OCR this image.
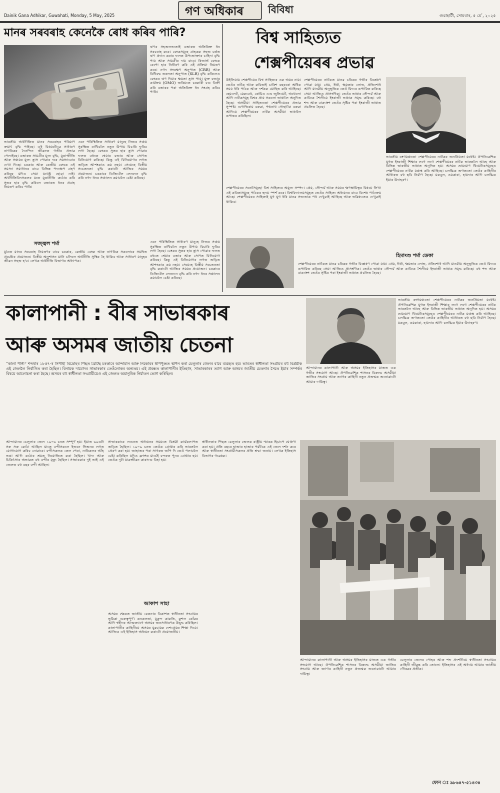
Dainik Gana Adhikar, Guwahati, Monday, 5 May, 2025	গণ অধিকাৰ বিবিধা	গুৱাহাটী, সোমবাৰ, ৫ মে’, ২০২৫
মানৰ সৰবৰাহ কেনেকৈ ৰোধ কৰিব পাৰি?
ভাৰতীয় অৰ্থনীতিত মানৰ সৰবৰাহৰ পৰিমাণ ক্ৰমাৎ বৃদ্ধি পাইছে। এই বিষয়টোৱে সাধাৰণ নাগৰিকৰ দৈনন্দিন জীৱনত গভীৰ প্ৰভাৱ পেলাইছে। বজাৰত সামগ্ৰীৰ মূল্য বৃদ্ধি, মুদ্ৰাস্ফীতি আৰু সঞ্চয়ৰ মূল্য হ্ৰাস পোৱাৰ দৰে সমস্যাবোৰ দেখা দিছে। চৰকাৰ আৰু কেন্দ্ৰীয় বেংকে এই সমস্যা সমাধানৰ বাবে বিভিন্ন পদক্ষেপ গ্ৰহণ কৰিছে যদিও সেয়া যথেষ্ট হোৱা নাই। অৰ্থনীতিবিদসকলৰ মতে মুদ্ৰানীতি কঠোৰ কৰি সুতৰ হাৰ বৃদ্ধি কৰিলে বজাৰত ধনৰ প্ৰবাহ নিয়ন্ত্ৰণ কৰিব পাৰি।
এনে পৰিস্থিতিত সাধাৰণ মানুহে নিজৰ সঞ্চয় সুৰক্ষিত ৰাখিবলৈ নতুন উপায় বিচাৰি ফুৰিব লগা হৈছে। বেংকৰ সুতৰ হাৰ হ্ৰাস পোৱাৰ ফলত বহুতে শ্বেয়াৰ বজাৰ আৰু সোণত বিনিয়োগ কৰিছে। কিন্তু এই বিনিয়োগৰ লগত জড়িত আশংকাও কম নহয়। সেয়েহে বিত্তীয় সচেতনতা বৃদ্ধি কৰাটো আজিৰ সময়ৰ প্ৰয়োজন। চৰকাৰে ডিজিটেল লেনদেন বৃদ্ধি কৰি নগদ ধনৰ সঞ্চালন কমাবলৈ চেষ্টা কৰিছে।
সজ্জ্বল শৰ্মা
ঋণৰ সহজলভ্যতাই বজাৰত অতিৰিক্ত ধন সৰবৰাহ কৰে। বেংকসমূহে গ্ৰাহকক সহজ চৰ্তত ঋণ প্ৰদান কৰাৰ ফলত উপভোক্তাৰ চাহিদা বৃদ্ধি পায় আৰু সামগ্ৰীৰ দাম বাঢ়ে। ৰিজাৰ্ভ বেংকে ৰেপো হাৰ নিৰ্ধাৰণ কৰি এই প্ৰক্ৰিয়া নিয়ন্ত্ৰণ কৰে। নগদ সংৰক্ষণ অনুপাত (CRR) আৰু বিধিবদ্ধ তৰলতা অনুপাত (SLR) বৃদ্ধি কৰিলেও বেংকৰ ঋণ দিয়াৰ ক্ষমতা হ্ৰাস পায়। মুক্ত বজাৰ কাৰ্যক্ৰম (OMO) জৰিয়তে চৰকাৰী বণ্ড বিক্ৰী কৰি বজাৰৰ পৰা অতিৰিক্ত ধন সংগ্ৰহ কৰিব পাৰি।
মুঠতে মানৰ সৰবৰাহ নিয়ন্ত্ৰণৰ বাবে চৰকাৰ, কেন্দ্ৰীয় বেংক আৰু নাগৰিক সকলোৰে সমন্বিত প্ৰচেষ্টাৰ প্ৰয়োজন। বিত্তীয় অনুশাসন মানি চলিলে অৰ্থনীতি সুস্থিৰ হৈ থাকিব আৰু সাধাৰণ মানুহৰ জীৱন সহজ হ'ব। লেখক অৰ্থনীতি বিভাগৰ অধ্যাপক।
এনে পৰিস্থিতিত সাধাৰণ মানুহে নিজৰ সঞ্চয় সুৰক্ষিত ৰাখিবলৈ নতুন উপায় বিচাৰি ফুৰিব লগা হৈছে। বেংকৰ সুতৰ হাৰ হ্ৰাস পোৱাৰ ফলত বহুতে শ্বেয়াৰ বজাৰ আৰু সোণত বিনিয়োগ কৰিছে। কিন্তু এই বিনিয়োগৰ লগত জড়িত আশংকাও কম নহয়। সেয়েহে বিত্তীয় সচেতনতা বৃদ্ধি কৰাটো আজিৰ সময়ৰ প্ৰয়োজন। চৰকাৰে ডিজিটেল লেনদেন বৃদ্ধি কৰি নগদ ধনৰ সঞ্চালন কমাবলৈ চেষ্টা কৰিছে।
বিশ্ব সাহিত্যত
শেক্সপীয়েৰৰ প্ৰভাৱ
উইলিয়াম শেক্সপীয়েৰ বিশ্ব সাহিত্যৰ এক অমৰ নাম। তেওঁৰ নাটক আৰু কবিতাই চাৰিশ বছৰৰো অধিক সময় ধৰি পাঠক আৰু দৰ্শকক মোহিত কৰি আহিছে। হেমলেট, মেকবেথ, ৰোমিও এণ্ড জুলিয়েট, অথেলো আদি নাটকসমূহ বিশ্বৰ প্ৰায় সকলো ভাষালৈ অনূদিত হৈছে। অসমীয়া সাহিত্যতো শেক্সপীয়েৰৰ প্ৰভাৱ সুস্পষ্ট। গুণাভিৰাম বৰুৱা, পদ্মনাথ গোহাঞি বৰুৱা আদিয়ে শেক্সপীয়েৰৰ নাটক অসমীয়া ভাষালৈ ৰূপান্তৰ কৰিছিল।
শেক্সপীয়েৰৰ নাটকত মানৱ চৰিত্ৰৰ গভীৰ বিশ্লেষণ পোৱা যায়। প্ৰেম, ঈৰ্ষা, ক্ষমতাৰ লোভ, প্ৰতিশোধ আদি মানৱীয় অনুভূতিক তেওঁ যিদৰে ৰূপায়িত কৰিছে সেয়া আজিও প্ৰাসংগিক। তেওঁৰ ভাষাৰ সৌন্দৰ্য আৰু কাব্যিক শৈলীয়ে ইংৰাজী ভাষাক সমৃদ্ধ কৰিছে। বহু শব্দ আৰু বাক্যাংশ তেওঁৰ সৃষ্টিৰ পৰা ইংৰাজী ভাষাত প্ৰচলিত হৈছে।
ভাৰতীয় ৰংগমঞ্চতো শেক্সপীয়েৰৰ নাটকৰ জনপ্ৰিয়তা যথেষ্ট। ঔপনিৱেশিক যুগত ইংৰাজী শিক্ষাৰ লগে লগে শেক্সপীয়েৰৰ নাটক ভাৰতলৈ আহে আৰু বিভিন্ন ভাৰতীয় ভাষাত অনূদিত হয়। অসমৰ ভ্ৰাম্যমাণ থিয়েটাৰসমূহেও শেক্সপীয়েৰৰ নাটক মঞ্চস্থ কৰি আহিছে। চলচ্চিত্ৰ জগততো তেওঁৰ কাহিনীৰ আধাৰত বহু ছবি নিৰ্মাণ হৈছে। মকবুল, ওমকাৰা, হায়দাৰ আদি চলচ্চিত্ৰ ইয়াৰ উদাহৰণ।
শেক্সপীয়েৰৰ সনেটসমূহো বিশ্ব সাহিত্যৰ অমূল্য সম্পদ। প্ৰেম, সৌন্দৰ্য আৰু সময়ৰ ক্ষণস্থায়িত্বৰ বিষয়ে লিখা এই কবিতাসমূহে পাঠকৰ হৃদয় স্পৰ্শ কৰে। বিশ্ববিদ্যালয়সমূহত তেওঁৰ সাহিত্য অধ্যয়নৰ বাবে বিশেষ পাঠ্যক্ৰম আছে। শেক্সপীয়েৰৰ সাহিত্যই যুগ যুগ ধৰি মানৱ সভ্যতাক পথ দেখুৱাই আহিছে আৰু ভৱিষ্যতেও দেখুৱাই থাকিব।
হিমাংশু শৰ্মা ডেকা
শেক্সপীয়েৰৰ নাটকত মানৱ চৰিত্ৰৰ গভীৰ বিশ্লেষণ পোৱা যায়। প্ৰেম, ঈৰ্ষা, ক্ষমতাৰ লোভ, প্ৰতিশোধ আদি মানৱীয় অনুভূতিক তেওঁ যিদৰে ৰূপায়িত কৰিছে সেয়া আজিও প্ৰাসংগিক। তেওঁৰ ভাষাৰ সৌন্দৰ্য আৰু কাব্যিক শৈলীয়ে ইংৰাজী ভাষাক সমৃদ্ধ কৰিছে। বহু শব্দ আৰু বাক্যাংশ তেওঁৰ সৃষ্টিৰ পৰা ইংৰাজী ভাষাত প্ৰচলিত হৈছে।
কালাপানী : বীৰ সাভাৰকাৰ
আৰু অসমৰ জাতীয় চেতনা
“কালা পানী” শব্দষাৰ ১৮৫৭-ৰ সিপাহী বিদ্ৰোহৰ পিছত ব্ৰিটিছ চৰকাৰে আন্দামান আৰু নিকোবৰ দ্বীপপুঞ্জত স্থাপন কৰা চেলুলাৰ জেলৰ বাবে ব্যৱহৃত হয়। ভাৰতৰ স্বাধীনতা সংগ্ৰামৰ বহু বিপ্লৱীক এই জেললৈ নিৰ্বাসিত কৰা হৈছিল। বিনায়ক দামোদৰ সাভাৰকাৰ তেওঁলোকৰ অন্যতম। এই প্ৰবন্ধত কালাপানীৰ ইতিহাস, সাভাৰকাৰৰ ত্যাগ আৰু অসমৰ জাতীয় চেতনাৰ সৈতে ইয়াৰ সম্পৰ্কৰ বিষয়ে আলোচনা কৰা হৈছে। অসমৰ বহু স্বাধীনতা সংগ্ৰামীয়েও এই জেলত অমানুষিক নিৰ্যাতন ভোগ কৰিছিল।
ভাৰতীয় ৰংগমঞ্চতো শেক্সপীয়েৰৰ নাটকৰ জনপ্ৰিয়তা যথেষ্ট। ঔপনিৱেশিক যুগত ইংৰাজী শিক্ষাৰ লগে লগে শেক্সপীয়েৰৰ নাটক ভাৰতলৈ আহে আৰু বিভিন্ন ভাৰতীয় ভাষাত অনূদিত হয়। অসমৰ ভ্ৰাম্যমাণ থিয়েটাৰসমূহেও শেক্সপীয়েৰৰ নাটক মঞ্চস্থ কৰি আহিছে। চলচ্চিত্ৰ জগততো তেওঁৰ কাহিনীৰ আধাৰত বহু ছবি নিৰ্মাণ হৈছে। মকবুল, ওমকাৰা, হায়দাৰ আদি চলচ্চিত্ৰ ইয়াৰ উদাহৰণ।
আন্দামানৰ কালাপানী আৰু অসমৰ ইতিহাসৰ মাজত এক গভীৰ সংযোগ আছে। ঔপনিৱেশিক শাসনৰ বিৰুদ্ধে অসমীয়া জাতিৰ সংগ্ৰাম আৰু ত্যাগৰ কাহিনী নতুন প্ৰজন্মক জনোৱাটো আমাৰ দায়িত্ব।
আন্দামানৰ চেলুলাৰ জেল ১৯০৬ চনত সম্পূৰ্ণ হয়। ইয়াত ৬৯৩টা সৰু সৰু কোঠা আছিল যাতে বন্দীসকলে ইজনে সিজনৰ লগত যোগাযোগ কৰিব নোৱাৰে। বন্দীসকলক তেল পেৰা, নাৰিকলৰ আঁহ ভঙা আদি কঠোৰ শ্ৰমত নিয়োজিত কৰা হৈছিল। খাদ্য আৰু চিকিৎসাৰ অভাৱত বহু বন্দীৰ মৃত্যু হৈছিল। সাভাৰকাৰ দুই ভাই এই জেলত বহু বছৰ বন্দী আছিল।
সাভাৰকাৰে লণ্ডনত অধ্যয়নৰ সময়তে বিপ্লৱী কাৰ্যকলাপত জড়িত হৈছিল। ১৯০৯ চনত তেওঁক গ্ৰেপ্তাৰ কৰি ভাৰতলৈ প্ৰেৰণ কৰা হয়। জাহাজৰ পৰা সাগৰত জাঁপ দি তেওঁ পলাবলৈ চেষ্টা কৰিছিল যদিও ফ্ৰান্সৰ মাৰ্চেই বন্দৰত পুনৰ গ্ৰেপ্তাৰ হয়। তেওঁক দুটা যাৱজ্জীৱন কাৰাদণ্ড বিহা হয়।
আকাশ সাহা
অসমৰ ক্ষেত্ৰত জাতীয় চেতনাৰ বিকাশত স্বাধীনতা সংগ্ৰামৰ ভূমিকা গুৰুত্বপূৰ্ণ। কনকলতা, মুকুন্দ কাকতি, কুশল কোঁৱৰ আদি শ্বহীদৰ আত্মত্যাগে অসমৰ জনসাধাৰণক উদ্বুদ্ধ কৰিছিল। কালাপানীৰ কাহিনীয়ে অসমৰ যুৱচামক দেশপ্ৰেমৰ শিক্ষা দিয়ে। আজিও এই ইতিহাস অধ্যয়ন কৰাটো প্ৰয়োজনীয়।
স্বাধীনতাৰ পিছত চেলুলাৰ জেলক ৰাষ্ট্ৰীয় স্মাৰক হিচাপে ঘোষণা কৰা হয়। প্ৰতি বছৰে হাজাৰ হাজাৰ পৰ্যটকে এই জেল দৰ্শন কৰে আৰু স্বাধীনতা সংগ্ৰামীসকলৰ প্ৰতি শ্ৰদ্ধা জনায়। লেখক ইতিহাস বিভাগৰ গৱেষক।
আন্দামানৰ কালাপানী আৰু অসমৰ ইতিহাসৰ মাজত এক গভীৰ সংযোগ আছে। ঔপনিৱেশিক শাসনৰ বিৰুদ্ধে অসমীয়া জাতিৰ সংগ্ৰাম আৰু ত্যাগৰ কাহিনী নতুন প্ৰজন্মক জনোৱাটো আমাৰ দায়িত্ব।
চেলুলাৰ জেলৰ পোহৰ আৰু শব্দ প্ৰদৰ্শনীয়ে স্বাধীনতা সংগ্ৰামৰ কাহিনী জীৱন্ত কৰি তোলে। ইতিহাসৰ এই অধ্যায় আমাৰ জাতীয় গৌৰৱৰ প্ৰতীক।
ফোন ঃ ৯৮৬৪৭-৫১৪৩৪
